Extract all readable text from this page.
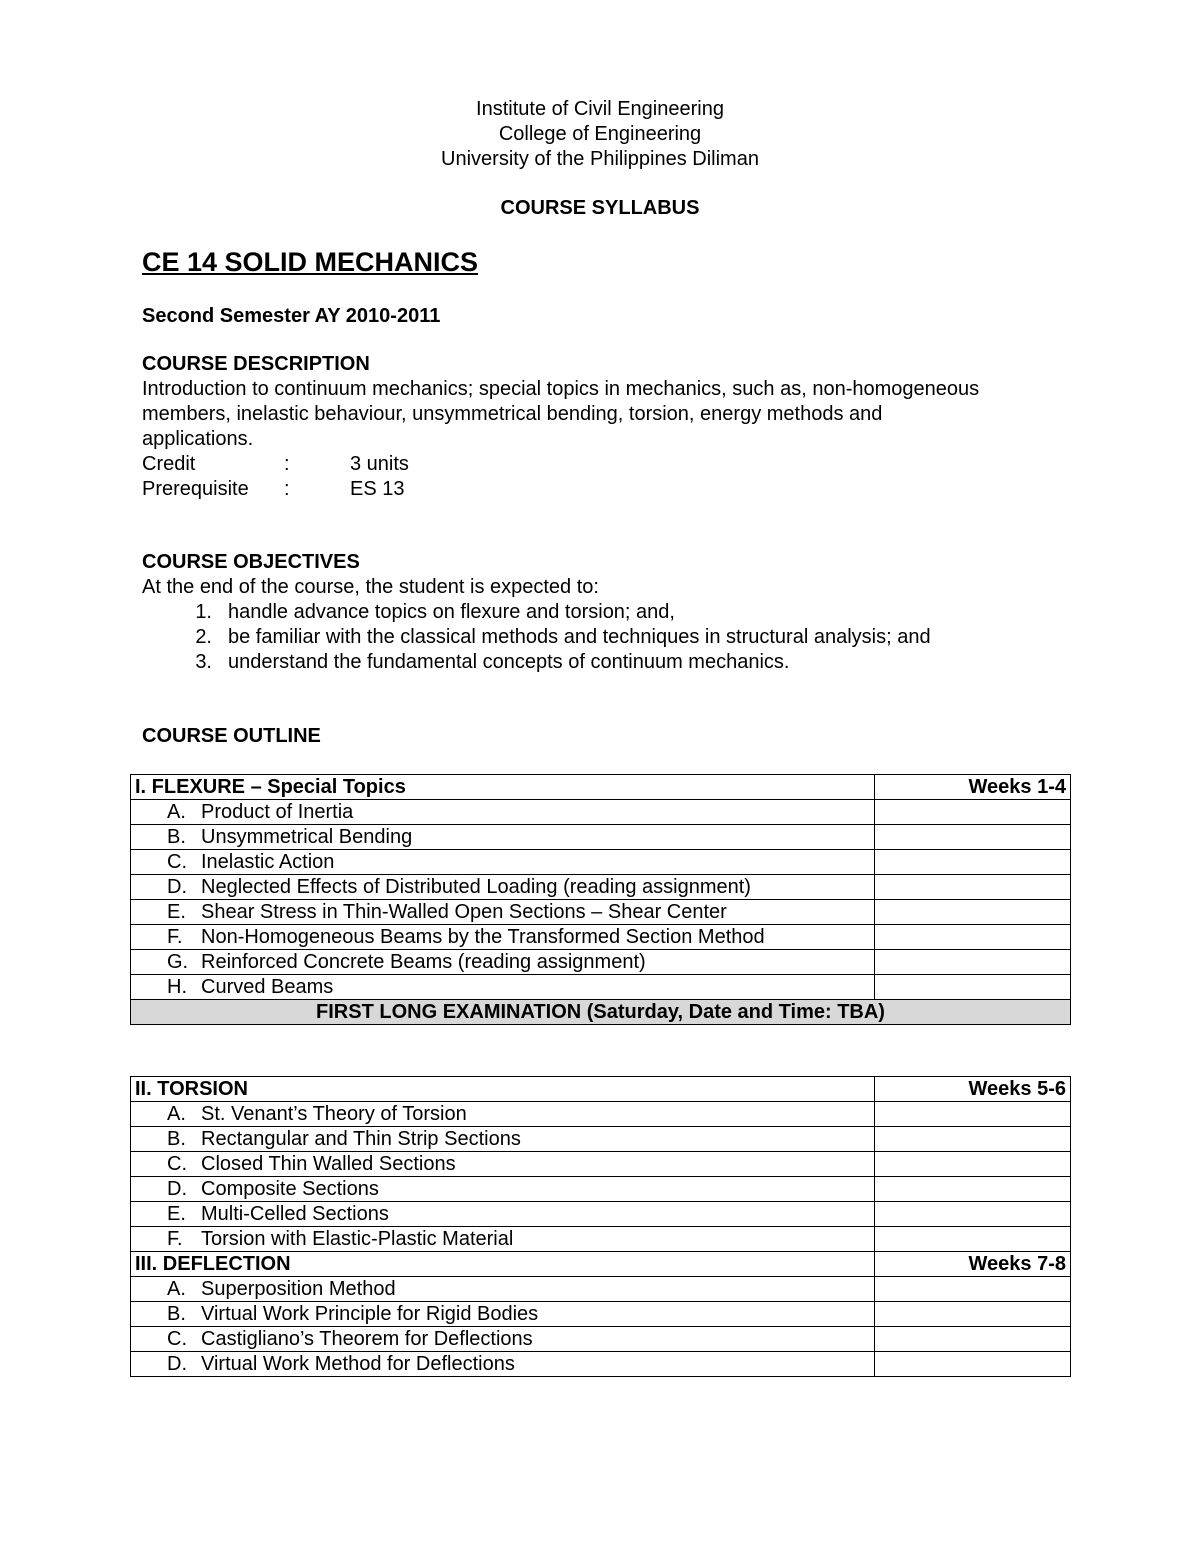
Institute of Civil Engineering
College of Engineering
University of the Philippines Diliman
COURSE SYLLABUS
CE 14 SOLID MECHANICS
Second Semester AY 2010-2011
COURSE DESCRIPTION
Introduction to continuum mechanics; special topics in mechanics, such as, non-homogeneous
members, inelastic behaviour, unsymmetrical bending, torsion, energy methods and
applications.
Credit	:	3 units
Prerequisite	:	ES 13
COURSE OBJECTIVES
At the end of the course, the student is expected to:
1. handle advance topics on flexure and torsion; and,
2. be familiar with the classical methods and techniques in structural analysis; and
3. understand the fundamental concepts of continuum mechanics.
COURSE OUTLINE
I. FLEXURE – Special Topics	Weeks 1-4
A. Product of Inertia	
B. Unsymmetrical Bending	
C. Inelastic Action	
D. Neglected Effects of Distributed Loading (reading assignment)	
E. Shear Stress in Thin-Walled Open Sections – Shear Center	
F. Non-Homogeneous Beams by the Transformed Section Method	
G. Reinforced Concrete Beams (reading assignment)	
H. Curved Beams	
FIRST LONG EXAMINATION (Saturday, Date and Time: TBA)	
II. TORSION	Weeks 5-6
A. St. Venant’s Theory of Torsion	
B. Rectangular and Thin Strip Sections	
C. Closed Thin Walled Sections	
D. Composite Sections	
E. Multi-Celled Sections	
F. Torsion with Elastic-Plastic Material	
III. DEFLECTION	Weeks 7-8
A. Superposition Method	
B. Virtual Work Principle for Rigid Bodies	
C. Castigliano’s Theorem for Deflections	
D. Virtual Work Method for Deflections	
